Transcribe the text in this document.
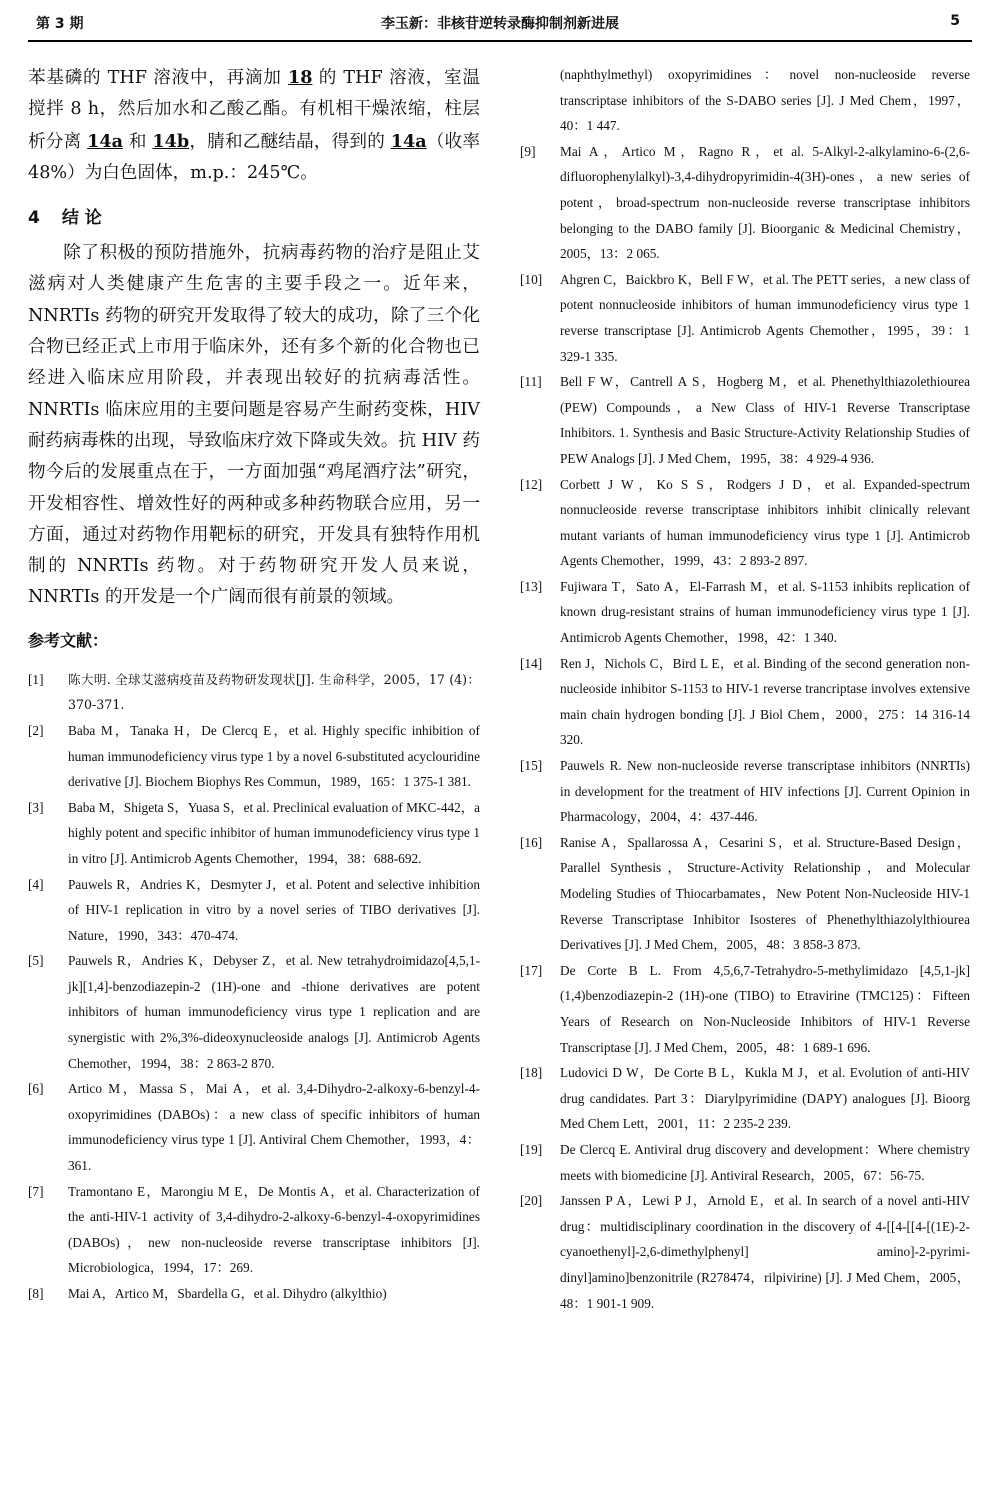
第 3 期	李玉新：非核苷逆转录酶抑制剂新进展	5

苯基磷的 THF 溶液中，再滴加 18 的 THF 溶液，室温搅拌 8 h，然后加水和乙酸乙酯。有机相干燥浓缩，柱层析分离 14a 和 14b，腈和乙醚结晶，得到的 14a（收率 48%）为白色固体，m.p.：245℃。

4 结 论

除了积极的预防措施外，抗病毒药物的治疗是阻止艾滋病对人类健康产生危害的主要手段之一。近年来，NNRTIs 药物的研究开发取得了较大的成功，除了三个化合物已经正式上市用于临床外，还有多个新的化合物也已经进入临床应用阶段，并表现出较好的抗病毒活性。NNRTIs 临床应用的主要问题是容易产生耐药变株，HIV 耐药病毒株的出现，导致临床疗效下降或失效。抗 HIV 药物今后的发展重点在于，一方面加强“鸡尾酒疗法”研究，开发相容性、增效性好的两种或多种药物联合应用，另一方面，通过对药物作用靶标的研究，开发具有独特作用机制的 NNRTIs 药物。对于药物研究开发人员来说，NNRTIs 的开发是一个广阔而很有前景的领域。

参考文献：
[1]	陈大明. 全球艾滋病疫苗及药物研发现状[J]. 生命科学，2005，17 (4)：370-371.
[2]	Baba M，Tanaka H，De Clercq E，et al. Highly specific inhibition of human immunodeficiency virus type 1 by a novel 6-substituted acyclouridine derivative [J]. Biochem Biophys Res Commun，1989，165：1 375-1 381.
[3]	Baba M，Shigeta S，Yuasa S，et al. Preclinical evaluation of MKC-442，a highly potent and specific inhibitor of human immunodeficiency virus type 1 in vitro [J]. Antimicrob Agents Chemother，1994，38：688-692.
[4]	Pauwels R，Andries K，Desmyter J，et al. Potent and selective inhibition of HIV-1 replication in vitro by a novel series of TIBO derivatives [J]. Nature，1990，343：470-474.
[5]	Pauwels R，Andries K，Debyser Z，et al. New tetrahydroimidazo[4,5,1-jk][1,4]-benzodiazepin-2 (1H)-one and -thione derivatives are potent inhibitors of human immunodeficiency virus type 1 replication and are synergistic with 2%,3%-dideoxynucleoside analogs [J]. Antimicrob Agents Chemother，1994，38：2 863-2 870.
[6]	Artico M，Massa S，Mai A，et al. 3,4-Dihydro-2-alkoxy-6-benzyl-4-oxopyrimidines (DABOs)：a new class of specific inhibitors of human immunodeficiency virus type 1 [J]. Antiviral Chem Chemother，1993，4：361.
[7]	Tramontano E，Marongiu M E，De Montis A，et al. Characterization of the anti-HIV-1 activity of 3,4-dihydro-2-alkoxy-6-benzyl-4-oxopyrimidines (DABOs)，new non-nucleoside reverse transcriptase inhibitors [J]. Microbiologica，1994，17：269.
[8]	Mai A，Artico M，Sbardella G，et al. Dihydro (alkylthio)
(naphthylmethyl) oxopyrimidines：novel non-nucleoside reverse transcriptase inhibitors of the S-DABO series [J]. J Med Chem，1997，40：1 447.
[9]	Mai A，Artico M，Ragno R，et al. 5-Alkyl-2-alkylamino-6-(2,6-difluorophenylalkyl)-3,4-dihydropyrimidin-4(3H)-ones，a new series of potent，broad-spectrum non-nucleoside reverse transcriptase inhibitors belonging to the DABO family [J]. Bioorganic & Medicinal Chemistry，2005，13：2 065.
[10]	Ahgren C，Baickbro K，Bell F W，et al. The PETT series，a new class of potent nonnucleoside inhibitors of human immunodeficiency virus type 1 reverse transcriptase [J]. Antimicrob Agents Chemother，1995，39：1 329-1 335.
[11]	Bell F W，Cantrell A S，Hogberg M，et al. Phenethylthiazolethiourea (PEW) Compounds，a New Class of HIV-1 Reverse Transcriptase Inhibitors. 1. Synthesis and Basic Structure-Activity Relationship Studies of PEW Analogs [J]. J Med Chem，1995，38：4 929-4 936.
[12]	Corbett J W，Ko S S，Rodgers J D，et al. Expanded-spectrum nonnucleoside reverse transcriptase inhibitors inhibit clinically relevant mutant variants of human immunodeficiency virus type 1 [J]. Antimicrob Agents Chemother，1999，43：2 893-2 897.
[13]	Fujiwara T，Sato A，El-Farrash M，et al. S-1153 inhibits replication of known drug-resistant strains of human immunodeficiency virus type 1 [J]. Antimicrob Agents Chemother，1998，42：1 340.
[14]	Ren J，Nichols C，Bird L E，et al. Binding of the second generation non-nucleoside inhibitor S-1153 to HIV-1 reverse trancriptase involves extensive main chain hydrogen bonding [J]. J Biol Chem，2000，275：14 316-14 320.
[15]	Pauwels R. New non-nucleoside reverse transcriptase inhibitors (NNRTIs) in development for the treatment of HIV infections [J]. Current Opinion in Pharmacology，2004，4：437-446.
[16]	Ranise A，Spallarossa A，Cesarini S，et al. Structure-Based Design，Parallel Synthesis，Structure-Activity Relationship，and Molecular Modeling Studies of Thiocarbamates，New Potent Non-Nucleoside HIV-1 Reverse Transcriptase Inhibitor Isosteres of Phenethylthiazolylthiourea Derivatives [J]. J Med Chem，2005，48：3 858-3 873.
[17]	De Corte B L. From 4,5,6,7-Tetrahydro-5-methylimidazo [4,5,1-jk] (1,4)benzodiazepin-2 (1H)-one (TIBO) to Etravirine (TMC125)：Fifteen Years of Research on Non-Nucleoside Inhibitors of HIV-1 Reverse Transcriptase [J]. J Med Chem，2005，48：1 689-1 696.
[18]	Ludovici D W，De Corte B L，Kukla M J，et al. Evolution of anti-HIV drug candidates. Part 3：Diarylpyrimidine (DAPY) analogues [J]. Bioorg Med Chem Lett，2001，11：2 235-2 239.
[19]	De Clercq E. Antiviral drug discovery and development：Where chemistry meets with biomedicine [J]. Antiviral Research，2005，67：56-75.
[20]	Janssen P A，Lewi P J，Arnold E，et al. In search of a novel anti-HIV drug：multidisciplinary coordination in the discovery of 4-[[4-[[4-[(1E)-2-cyanoethenyl]-2,6-dimethylphenyl] amino]-2-pyrimi-dinyl]amino]benzonitrile (R278474，rilpivirine) [J]. J Med Chem，2005，48：1 901-1 909.
